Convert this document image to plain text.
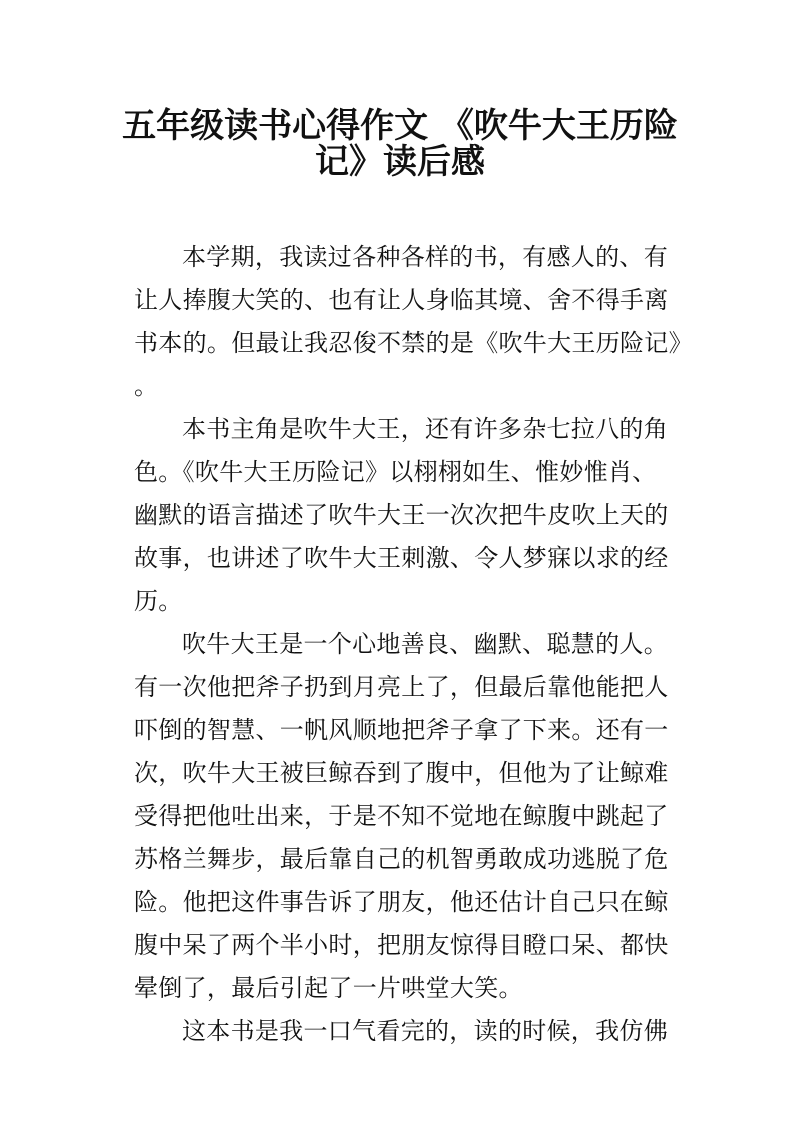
五年级读书心得作文 《吹牛大王历险
记》读后感
本学期，我读过各种各样的书，有感人的、有
让人捧腹大笑的、也有让人身临其境、舍不得手离
书本的。但最让我忍俊不禁的是《吹牛大王历险记》
。
本书主角是吹牛大王，还有许多杂七拉八的角
色。《吹牛大王历险记》以栩栩如生、惟妙惟肖、
幽默的语言描述了吹牛大王一次次把牛皮吹上天的
故事，也讲述了吹牛大王刺激、令人梦寐以求的经
历。
吹牛大王是一个心地善良、幽默、聪慧的人。
有一次他把斧子扔到月亮上了，但最后靠他能把人
吓倒的智慧、一帆风顺地把斧子拿了下来。还有一
次，吹牛大王被巨鲸吞到了腹中，但他为了让鲸难
受得把他吐出来，于是不知不觉地在鲸腹中跳起了
苏格兰舞步，最后靠自己的机智勇敢成功逃脱了危
险。他把这件事告诉了朋友，他还估计自己只在鲸
腹中呆了两个半小时，把朋友惊得目瞪口呆、都快
晕倒了，最后引起了一片哄堂大笑。
这本书是我一口气看完的，读的时候，我仿佛
